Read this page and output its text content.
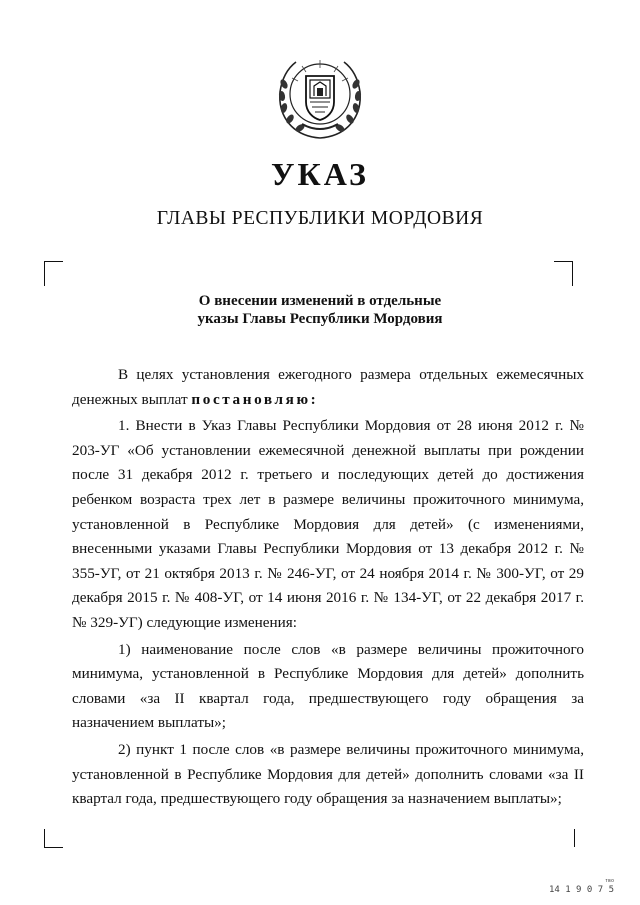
УКАЗ
ГЛАВЫ РЕСПУБЛИКИ МОРДОВИЯ
О внесении изменений в отдельные
указы Главы Республики Мордовия

В целях установления ежегодного размера отдельных ежемесячных денежных выплат постановляю:

1. Внести в Указ Главы Республики Мордовия от 28 июня 2012 г. № 203-УГ «Об установлении ежемесячной денежной выплаты при рождении после 31 декабря 2012 г. третьего и последующих детей до достижения ребенком возраста трех лет в размере величины прожиточного минимума, установленной в Республике Мордовия для детей» (с изменениями, внесенными указами Главы Республики Мордовия от 13 декабря 2012 г. № 355-УГ, от 21 октября 2013 г. № 246-УГ, от 24 ноября 2014 г. № 300-УГ, от 29 декабря 2015 г. № 408-УГ, от 14 июня 2016 г. № 134-УГ, от 22 декабря 2017 г. № 329-УГ) следующие изменения:

1) наименование после слов «в размере величины прожиточного минимума, установленной в Республике Мордовия для детей» дополнить словами «за II квартал года, предшествующего году обращения за назначением выплаты»;

2) пункт 1 после слов «в размере величины прожиточного минимума, установленной в Республике Мордовия для детей» дополнить словами «за II квартал года, предшествующего году обращения за назначением выплаты»;

тво
14 1 9 0 7 5
